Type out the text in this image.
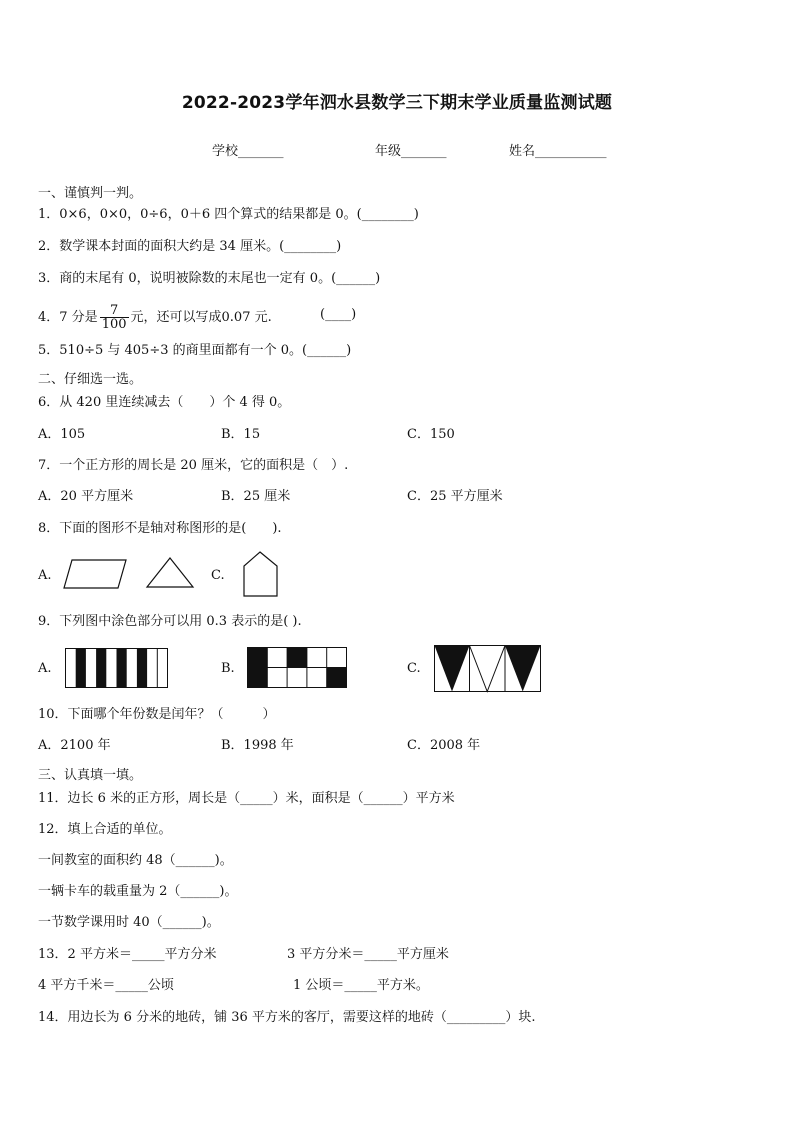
2022-2023学年泗水县数学三下期末学业质量监测试题
学校_______	年级_______	姓名___________
一、谨慎判一判。
1．0×6，0×0，0÷6，0＋6 四个算式的结果都是 0。(________)
2．数学课本封面的面积大约是 34 厘米。(________)
3．商的末尾有 0，说明被除数的末尾也一定有 0。(______)
4．7 分是 $\frac{7}{100}$ 元，还可以写成0.07 元.	(____)
5．510÷5 与 405÷3 的商里面都有一个 0。(______)
二、仔细选一选。
6．从 420 里连续减去（　　）个 4 得 0。
A．105	B．15	C．150
7．一个正方形的周长是 20 厘米，它的面积是（　）.
A．20 平方厘米	B．25 厘米	C．25 平方厘米
8．下面的图形不是轴对称图形的是(　　).
A.	C.
9．下列图中涂色部分可以用 0.3 表示的是( ).
A.	B.	C.
10．下面哪个年份数是闰年？（　　　）
A．2100 年	B．1998 年	C．2008 年
三、认真填一填。
11．边长 6 米的正方形，周长是（_____）米，面积是（______）平方米
12．填上合适的单位。
一间教室的面积约 48（______)。
一辆卡车的载重量为 2（______)。
一节数学课用时 40（______)。
13．2 平方米＝_____平方分米	3 平方分米＝_____平方厘米
4 平方千米＝_____公顷	1 公顷＝_____平方米。
14．用边长为 6 分米的地砖，铺 36 平方米的客厅，需要这样的地砖（_________）块.
